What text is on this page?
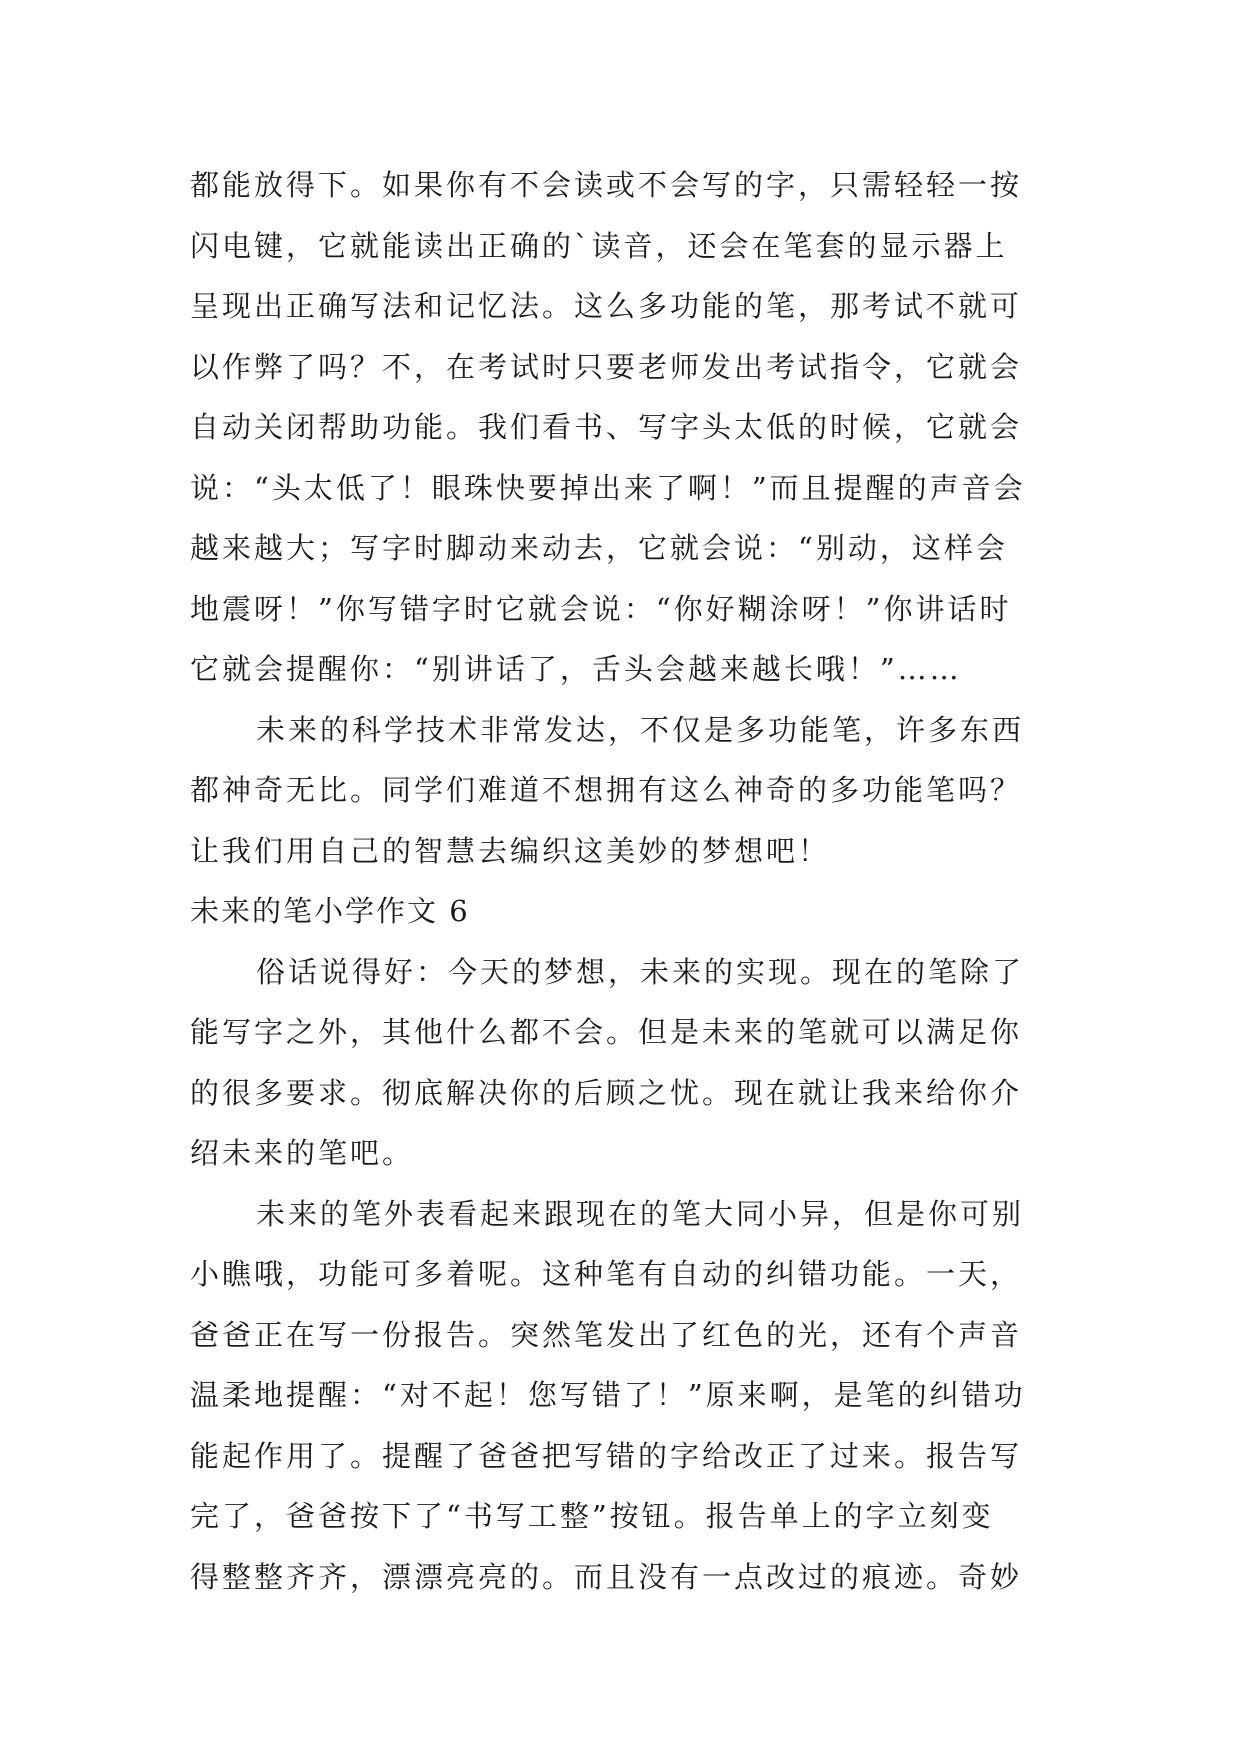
都能放得下。如果你有不会读或不会写的字，只需轻轻一按
闪电键，它就能读出正确的`读音，还会在笔套的显示器上
呈现出正确写法和记忆法。这么多功能的笔，那考试不就可
以作弊了吗？不，在考试时只要老师发出考试指令，它就会
自动关闭帮助功能。我们看书、写字头太低的时候，它就会
说：“头太低了！眼珠快要掉出来了啊！”而且提醒的声音会
越来越大；写字时脚动来动去，它就会说：“别动，这样会
地震呀！”你写错字时它就会说：“你好糊涂呀！”你讲话时
它就会提醒你：“别讲话了，舌头会越来越长哦！”……
未来的科学技术非常发达，不仅是多功能笔，许多东西
都神奇无比。同学们难道不想拥有这么神奇的多功能笔吗？
让我们用自己的智慧去编织这美妙的梦想吧！
未来的笔小学作文 6
俗话说得好：今天的梦想，未来的实现。现在的笔除了
能写字之外，其他什么都不会。但是未来的笔就可以满足你
的很多要求。彻底解决你的后顾之忧。现在就让我来给你介
绍未来的笔吧。
未来的笔外表看起来跟现在的笔大同小异，但是你可别
小瞧哦，功能可多着呢。这种笔有自动的纠错功能。一天，
爸爸正在写一份报告。突然笔发出了红色的光，还有个声音
温柔地提醒：“对不起！您写错了！”原来啊，是笔的纠错功
能起作用了。提醒了爸爸把写错的字给改正了过来。报告写
完了，爸爸按下了“书写工整”按钮。报告单上的字立刻变
得整整齐齐，漂漂亮亮的。而且没有一点改过的痕迹。奇妙
